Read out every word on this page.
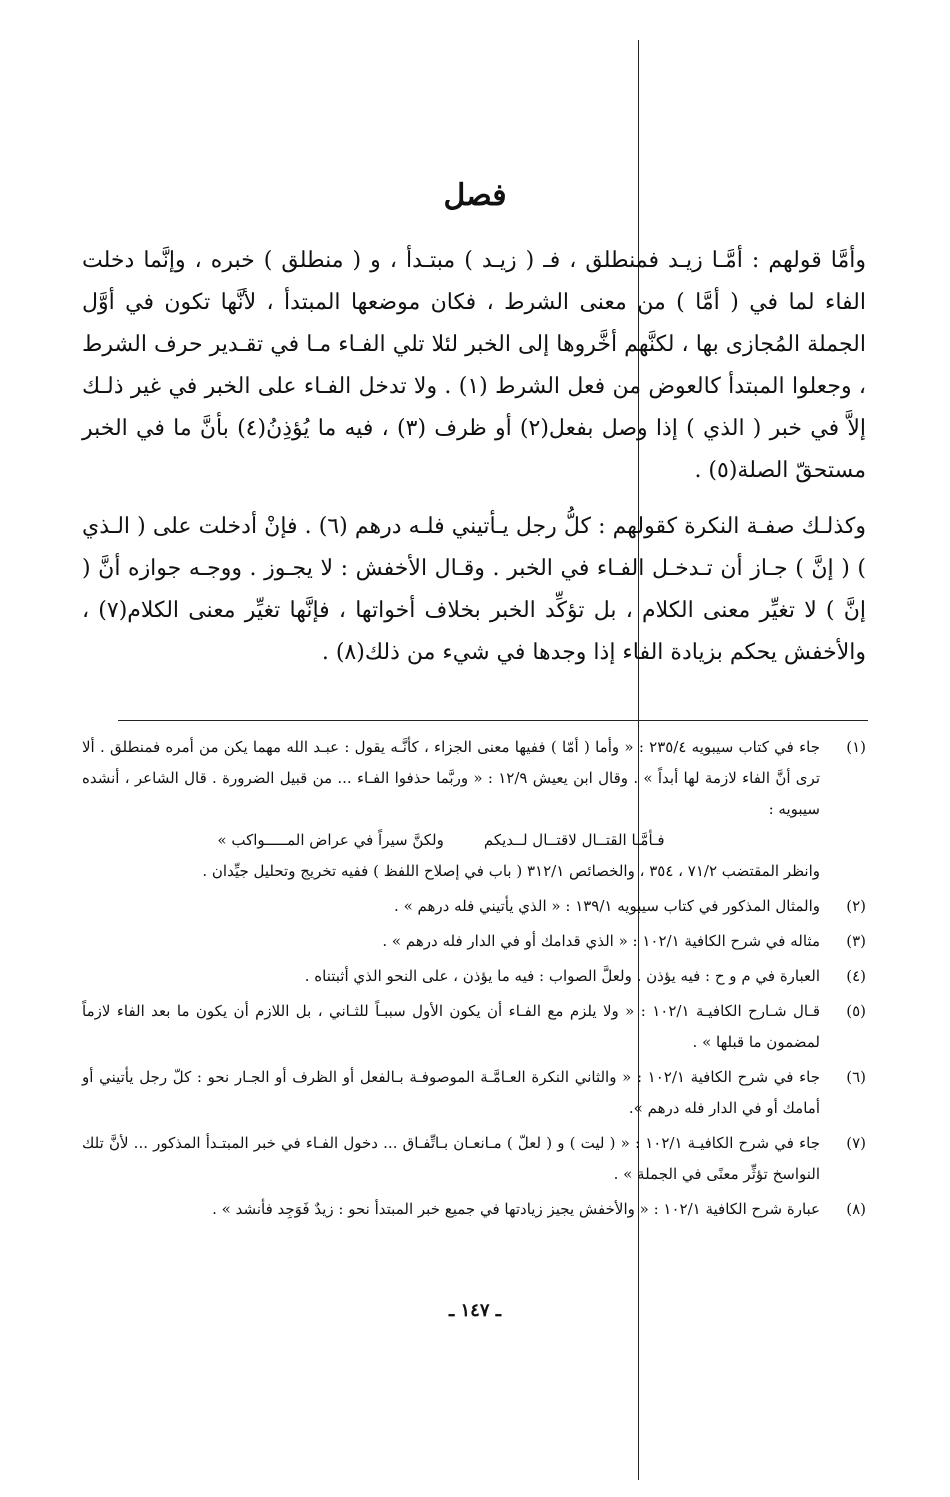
فصل

وأمَّا قولهم : أمَّـا زيـد فمنطلق ، فـ ( زيـد ) مبتـدأ ، و ( منطلق ) خبره ، وإنَّما دخلت الفاء لما في ( أمَّا ) من معنى الشرط ، فكان موضعها المبتدأ ، لأنَّها تكون في أوَّل الجملة المُجازى بها ، لكنَّهم أخَّروها إلى الخبر لئلا تلي الفـاء مـا في تقـدير حرف الشرط ، وجعلوا المبتدأ كالعوض من فعل الشرط (١) . ولا تدخل الفـاء على الخبر في غير ذلـك إلاَّ في خبر ( الذي ) إذا وصل بفعل(٢) أو ظرف (٣) ، فيه ما يُؤذِنُ(٤) بأنَّ ما في الخبر مستحقّ الصلة(٥) .

وكذلـك صفـة النكرة كقولهم : كلُّ رجل يـأتيني فلـه درهم (٦) . فإنْ أدخلت على ( الـذي ) ( إنَّ ) جـاز أن تـدخـل الفـاء في الخبر . وقـال الأخفش : لا يجـوز . ووجـه جوازه أنَّ ( إنَّ ) لا تغيِّر معنى الكلام ، بل تؤكِّد الخبر بخلاف أخواتها ، فإنَّها تغيِّر معنى الكلام(٧) ، والأخفش يحكم بزيادة الفاء إذا وجدها في شيء من ذلك(٨) .

(١)
جاء في كتاب سيبويه ٢٣٥/٤ : « وأما ( أمّا ) ففيها معنى الجزاء ، كأنَّـه يقول : عبـد الله مهما يكن من أمره فمنطلق . ألا ترى أنَّ الفاء لازمة لها أبداً » . وقال ابن يعيش ١٢/٩ : « وربَّما حذفوا الفـاء ... من قبيل الضرورة . قال الشاعر ، أنشده سيبويه :
فـأمَّـا القتــال لاقتــال لــديكم
ولكنَّ سيراً في عراض المـــــواكب »
وانظر المقتضب ٧١/٢ ، ٣٥٤ ، والخصائص ٣١٢/١ ( باب في إصلاح اللفظ ) ففيه تخريج وتحليل جيِّدان .
(٢)
والمثال المذكور في كتاب سيبويه ١٣٩/١ : « الذي يأتيني فله درهم » .
(٣)
مثاله في شرح الكافية ١٠٢/١ : « الذي قدامك أو في الدار فله درهم » .
(٤)
العبارة في م و ح : فيه يؤذن . ولعلَّ الصواب : فيه ما يؤذن ، على النحو الذي أثبتناه .
(٥)
قـال شـارح الكافيـة ١٠٢/١ : « ولا يلزم مع الفـاء أن يكون الأول سببـاً للثـاني ، بل اللازم أن يكون ما بعد الفاء لازماً لمضمون ما قبلها » .
(٦)
جاء في شرح الكافية ١٠٢/١ : « والثاني النكرة العـامَّـة الموصوفـة بـالفعل أو الظرف أو الجـار نحو : كلّ رجل يأتيني أو أمامك أو في الدار فله درهم ».
(٧)
جاء في شرح الكافيـة ١٠٢/١ : « ( ليت ) و ( لعلّ ) مـانعـان بـاتِّفـاق ... دخول الفـاء في خبر المبتـدأ المذكور ... لأنَّ تلك النواسخ تؤثِّر معنًى في الجملة » .
(٨)
عبارة شرح الكافية ١٠٢/١ : « والأخفش يجيز زيادتها في جميع خبر المبتدأ نحو : زيدٌ فَوَجِد فأنشد » .

ـ ١٤٧ ـ
